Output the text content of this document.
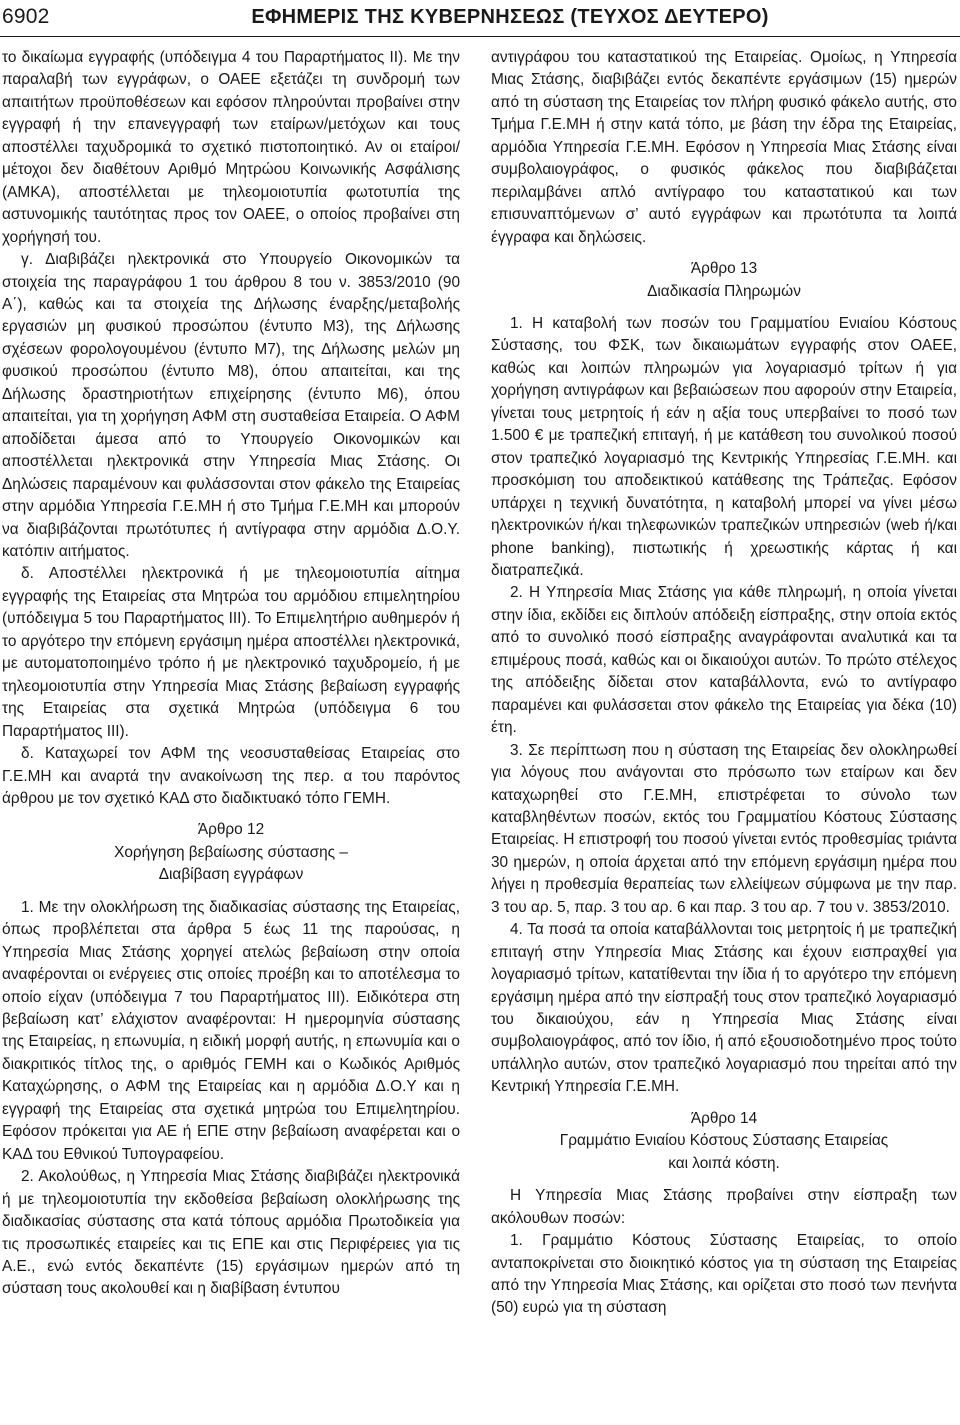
6902	ΕΦΗΜΕΡΙΣ ΤΗΣ ΚΥΒΕΡΝΗΣΕΩΣ (ΤΕΥΧΟΣ ΔΕΥΤΕΡΟ)

το δικαίωμα εγγραφής (υπόδειγμα 4 του Παραρτήματος ΙΙ). Με την παραλαβή των εγγράφων, ο ΟΑΕΕ εξετάζει τη συνδρομή των απαιτήτων προϋποθέσεων και εφόσον πληρούνται προβαίνει στην εγγραφή ή την επανεγγραφή των εταίρων/μετόχων και τους αποστέλλει ταχυδρομικά το σχετικό πιστοποιητικό. Αν οι εταίροι/μέτοχοι δεν διαθέτουν Αριθμό Μητρώου Κοινωνικής Ασφάλισης (ΑΜΚΑ), αποστέλλεται με τηλεομοιοτυπία φωτοτυπία της αστυνομικής ταυτότητας προς τον ΟΑΕΕ, ο οποίος προβαίνει στη χορήγησή του.

γ. Διαβιβάζει ηλεκτρονικά στο Υπουργείο Οικονομικών τα στοιχεία της παραγράφου 1 του άρθρου 8 του ν. 3853/2010 (90 Α΄), καθώς και τα στοιχεία της Δήλωσης έναρξης/μεταβολής εργασιών μη φυσικού προσώπου (έντυπο Μ3), της Δήλωσης σχέσεων φορολογουμένου (έντυπο Μ7), της Δήλωσης μελών μη φυσικού προσώπου (έντυπο Μ8), όπου απαιτείται, και της Δήλωσης δραστηριοτήτων επιχείρησης (έντυπο Μ6), όπου απαιτείται, για τη χορήγηση ΑΦΜ στη συσταθείσα Εταιρεία. Ο ΑΦΜ αποδίδεται άμεσα από το Υπουργείο Οικονομικών και αποστέλλεται ηλεκτρονικά στην Υπηρεσία Μιας Στάσης. Οι Δηλώσεις παραμένουν και φυλάσσονται στον φάκελο της Εταιρείας στην αρμόδια Υπηρεσία Γ.Ε.ΜΗ ή στο Τμήμα Γ.Ε.ΜΗ και μπορούν να διαβιβάζονται πρωτότυπες ή αντίγραφα στην αρμόδια Δ.Ο.Υ. κατόπιν αιτήματος.

δ. Αποστέλλει ηλεκτρονικά ή με τηλεομοιοτυπία αίτημα εγγραφής της Εταιρείας στα Μητρώα του αρμόδιου επιμελητηρίου (υπόδειγμα 5 του Παραρτήματος ΙΙΙ). Το Επιμελητήριο αυθημερόν ή το αργότερο την επόμενη εργάσιμη ημέρα αποστέλλει ηλεκτρονικά, με αυτοματοποιημένο τρόπο ή με ηλεκτρονικό ταχυδρομείο, ή με τηλεομοιοτυπία στην Υπηρεσία Μιας Στάσης βεβαίωση εγγραφής της Εταιρείας στα σχετικά Μητρώα (υπόδειγμα 6 του Παραρτήματος ΙΙΙ).

δ. Καταχωρεί τον ΑΦΜ της νεοσυσταθείσας Εταιρείας στο Γ.Ε.ΜΗ και αναρτά την ανακοίνωση της περ. α του παρόντος άρθρου με τον σχετικό ΚΑΔ στο διαδικτυακό τόπο ΓΕΜΗ.

Άρθρο 12
Χορήγηση βεβαίωσης σύστασης –
Διαβίβαση εγγράφων

1. Με την ολοκλήρωση της διαδικασίας σύστασης της Εταιρείας, όπως προβλέπεται στα άρθρα 5 έως 11 της παρούσας, η Υπηρεσία Μιας Στάσης χορηγεί ατελώς βεβαίωση στην οποία αναφέρονται οι ενέργειες στις οποίες προέβη και το αποτέλεσμα το οποίο είχαν (υπόδειγμα 7 του Παραρτήματος ΙΙΙ). Ειδικότερα στη βεβαίωση κατ’ ελάχιστον αναφέρονται: Η ημερομηνία σύστασης της Εταιρείας, η επωνυμία, η ειδική μορφή αυτής, η επωνυμία και ο διακριτικός τίτλος της, ο αριθμός ΓΕΜΗ και ο Κωδικός Αριθμός Καταχώρησης, ο ΑΦΜ της Εταιρείας και η αρμόδια Δ.Ο.Υ και η εγγραφή της Εταιρείας στα σχετικά μητρώα του Επιμελητηρίου. Εφόσον πρόκειται για ΑΕ ή ΕΠΕ στην βεβαίωση αναφέρεται και ο ΚΑΔ του Εθνικού Τυπογραφείου.

2. Ακολούθως, η Υπηρεσία Μιας Στάσης διαβιβάζει ηλεκτρονικά ή με τηλεομοιοτυπία την εκδοθείσα βεβαίωση ολοκλήρωσης της διαδικασίας σύστασης στα κατά τόπους αρμόδια Πρωτοδικεία για τις προσωπικές εταιρείες και τις ΕΠΕ και στις Περιφέρειες για τις Α.Ε., ενώ εντός δεκαπέντε (15) εργάσιμων ημερών από τη σύσταση τους ακολουθεί και η διαβίβαση έντυπου

αντιγράφου του καταστατικού της Εταιρείας. Ομοίως, η Υπηρεσία Μιας Στάσης, διαβιβάζει εντός δεκαπέντε εργάσιμων (15) ημερών από τη σύσταση της Εταιρείας τον πλήρη φυσικό φάκελο αυτής, στο Τμήμα Γ.Ε.ΜΗ ή στην κατά τόπο, με βάση την έδρα της Εταιρείας, αρμόδια Υπηρεσία Γ.Ε.ΜΗ. Εφόσον η Υπηρεσία Μιας Στάσης είναι συμβολαιογράφος, ο φυσικός φάκελος που διαβιβάζεται περιλαμβάνει απλό αντίγραφο του καταστατικού και των επισυναπτόμενων σ’ αυτό εγγράφων και πρωτότυπα τα λοιπά έγγραφα και δηλώσεις.

Άρθρο 13
Διαδικασία Πληρωμών

1. Η καταβολή των ποσών του Γραμματίου Ενιαίου Κόστους Σύστασης, του ΦΣΚ, των δικαιωμάτων εγγραφής στον ΟΑΕΕ, καθώς και λοιπών πληρωμών για λογαριασμό τρίτων ή για χορήγηση αντιγράφων και βεβαιώσεων που αφορούν στην Εταιρεία, γίνεται τους μετρητοίς ή εάν η αξία τους υπερβαίνει το ποσό των 1.500 € με τραπεζική επιταγή, ή με κατάθεση του συνολικού ποσού στον τραπεζικό λογαριασμό της Κεντρικής Υπηρεσίας Γ.Ε.ΜΗ. και προσκόμιση του αποδεικτικού κατάθεσης της Τράπεζας. Εφόσον υπάρχει η τεχνική δυνατότητα, η καταβολή μπορεί να γίνει μέσω ηλεκτρονικών ή/και τηλεφωνικών τραπεζικών υπηρεσιών (web ή/και phone banking), πιστωτικής ή χρεωστικής κάρτας ή και διατραπεζικά.

2. Η Υπηρεσία Μιας Στάσης για κάθε πληρωμή, η οποία γίνεται στην ίδια, εκδίδει εις διπλούν απόδειξη είσπραξης, στην οποία εκτός από το συνολικό ποσό είσπραξης αναγράφονται αναλυτικά και τα επιμέρους ποσά, καθώς και οι δικαιούχοι αυτών. Το πρώτο στέλεχος της απόδειξης δίδεται στον καταβάλλοντα, ενώ το αντίγραφο παραμένει και φυλάσσεται στον φάκελο της Εταιρείας για δέκα (10) έτη.

3. Σε περίπτωση που η σύσταση της Εταιρείας δεν ολοκληρωθεί για λόγους που ανάγονται στο πρόσωπο των εταίρων και δεν καταχωρηθεί στο Γ.Ε.ΜΗ, επιστρέφεται το σύνολο των καταβληθέντων ποσών, εκτός του Γραμματίου Κόστους Σύστασης Εταιρείας. Η επιστροφή του ποσού γίνεται εντός προθεσμίας τριάντα 30 ημερών, η οποία άρχεται από την επόμενη εργάσιμη ημέρα που λήγει η προθεσμία θεραπείας των ελλείψεων σύμφωνα με την παρ. 3 του αρ. 5, παρ. 3 του αρ. 6 και παρ. 3 του αρ. 7 του ν. 3853/2010.

4. Τα ποσά τα οποία καταβάλλονται τοις μετρητοίς ή με τραπεζική επιταγή στην Υπηρεσία Μιας Στάσης και έχουν εισπραχθεί για λογαριασμό τρίτων, κατατίθενται την ίδια ή το αργότερο την επόμενη εργάσιμη ημέρα από την είσπραξή τους στον τραπεζικό λογαριασμό του δικαιούχου, εάν η Υπηρεσία Μιας Στάσης είναι συμβολαιογράφος, από τον ίδιο, ή από εξουσιοδοτημένο προς τούτο υπάλληλο αυτών, στον τραπεζικό λογαριασμό που τηρείται από την Κεντρική Υπηρεσία Γ.Ε.ΜΗ.

Άρθρο 14
Γραμμάτιο Ενιαίου Κόστους Σύστασης Εταιρείας
και λοιπά κόστη.

Η Υπηρεσία Μιας Στάσης προβαίνει στην είσπραξη των ακόλουθων ποσών:

1. Γραμμάτιο Κόστους Σύστασης Εταιρείας, το οποίο ανταποκρίνεται στο διοικητικό κόστος για τη σύσταση της Εταιρείας από την Υπηρεσία Μιας Στάσης, και ορίζεται στο ποσό των πενήντα (50) ευρώ για τη σύσταση
